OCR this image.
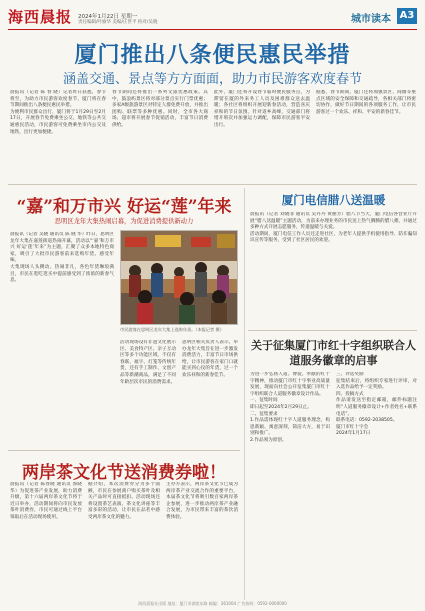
海西晨报 2024年1月22日 星期一
责任编辑/叶丽华 美编/庄世平 校对/吴晓	城市读本 A3
厦门推出八条便民惠民举措
涵盖交通、景点等方方面面，助力市民游客欢度春节
晨报讯（记者 陈 春 晓）记者昨日获悉，春节将至，为助力市民游客欢度春节，厦门将在春节期间推出八条便民惠民举措。
为便利市民群众出行，厦门将于1月29日至2月17日，开展春节免费乘坐公交、地铁等公共交通惠民活动，市民游客可免费乘坐市内公交及地铁，出行更加便捷。
春节期间还将推出一系列文旅优惠政策。其中，鼓浪屿景区将对部分景点实行门票优惠；多家A级旅游景区对特定人群免费开放，并推出团购、联票等多种优惠。同时，全市各大商场、超市将开展春节促销活动，丰富节日消费供给。
此外，厦门还将开设春节临时便民服务点，为滞留在厦的外来务工人员及困难群众送去温暖；各社区将组织开展迎新春活动，营造喜庆祥和的节日氛围。针对返乡高峰，交通部门将增开班次并加强运力调配，保障市民游客平安出行。
据悉，春节期间，厦门还将加强景区、商圈等重点区域的安全保障和交通疏导，各相关部门将密切协作，做好节日期间的各项服务工作，让市民游客过一个欢乐、祥和、平安的新春佳节。
“嘉”和万市兴 好运“莲”年来
思明区龙年大集热闹启幕，为促进消费提供新动力
晨报讯（记者 吴晓 通讯员 陈 晓 华）昨日，思明区龙年大集在嘉莲街道热闹开幕，活动以“‘嘉’和万市兴 好运‘莲’年来”为主题，汇聚了众多本地特色商家，吸引了大批市民游客前来选购年货、感受年味。
大集现场人头攒动、热闹非凡，各色年货琳琅满目，市民在逛吃逛买中提前感受到了浓浓的新春气息。
市民游客在思明区龙年大集上选购年货。（本报记者 摄）
活动现场设有非遗文化展示区、美食特产区、亲子互动区等多个功能区域，不仅有春联、福字、灯笼等传统年货，还有手工制作、文创产品等新潮商品，满足了不同年龄层次市民的消费需求。
思明区相关负责人表示，举办龙年大集旨在进一步激发消费活力，丰富节日市场供给，让市民游客在家门口就能买到心仪的年货，过一个欢乐祥和的新春佳节。
厦门电信腊八送温暖
晨报讯（记者 刘晓菲 通讯员 吴丹丹 黄丽芳）腊八节当天，厦门电信各营业厅开展“腊八送温暖”主题活动，为前来办理业务的市民送上热气腾腾的腊八粥，并通过多种方式开展志愿服务，传递温暖与关爱。
活动期间，厦门电信工作人员还走进社区，为老年人提供手机使用指导、防诈骗知识宣传等服务，受到了社区居民的欢迎。
关于征集厦门市红十字组织联合人道服务徽章的启事
为进一步弘扬人道、博爱、奉献的红十字精神，推动厦门市红十字事业高质量发展，现面向社会公开征集厦门市红十字组织联合人道服务徽章设计作品。
一、征集时间
即日起至2024年2月29日止。
二、征集要求
1.作品需体现红十字人道服务理念，构思新颖、寓意深刻，简洁大方，易于识别和推广。
2.作品须为原创。
三、评选奖励
征集结束后，将组织专家进行评审，对入选作品给予一定奖励。
四、投稿方式
作品请发送至指定邮箱，邮件标题注明“人道服务徽章设计+作者姓名+联系电话”。
联系电话：0592-2038505。
厦门市红十字会
2024年1月17日
两岸茶文化节送消费券啦！
晨报讯（记者 陈春晓 通讯员 郭晓华）为促进茶产业发展，助力消费升级，第十六届两岸茶文化节将于近日举办，活动期间将向市民发放茶叶消费券，市民可通过线上平台领取后在活动现场使用。
据介绍，本次消费券分为多个面额，市民在参展商户购买茶叶及相关产品时可直接抵扣。活动现场还将设置茶艺表演、茶文化讲座等丰富多彩的活动，让市民在品茗中感受两岸茶文化的魅力。
主办方表示，两岸茶文化节已成为两岸茶产业交流合作的重要平台，本届茶文化节将吸引数百家两岸茶企参展，进一步推动两岸茶产业融合发展，为市民带来丰富的茶饮消费体验。
海西晨报社出版 地址：厦门市湖滨东路 邮编：361004 广告热线：0592-0000000
